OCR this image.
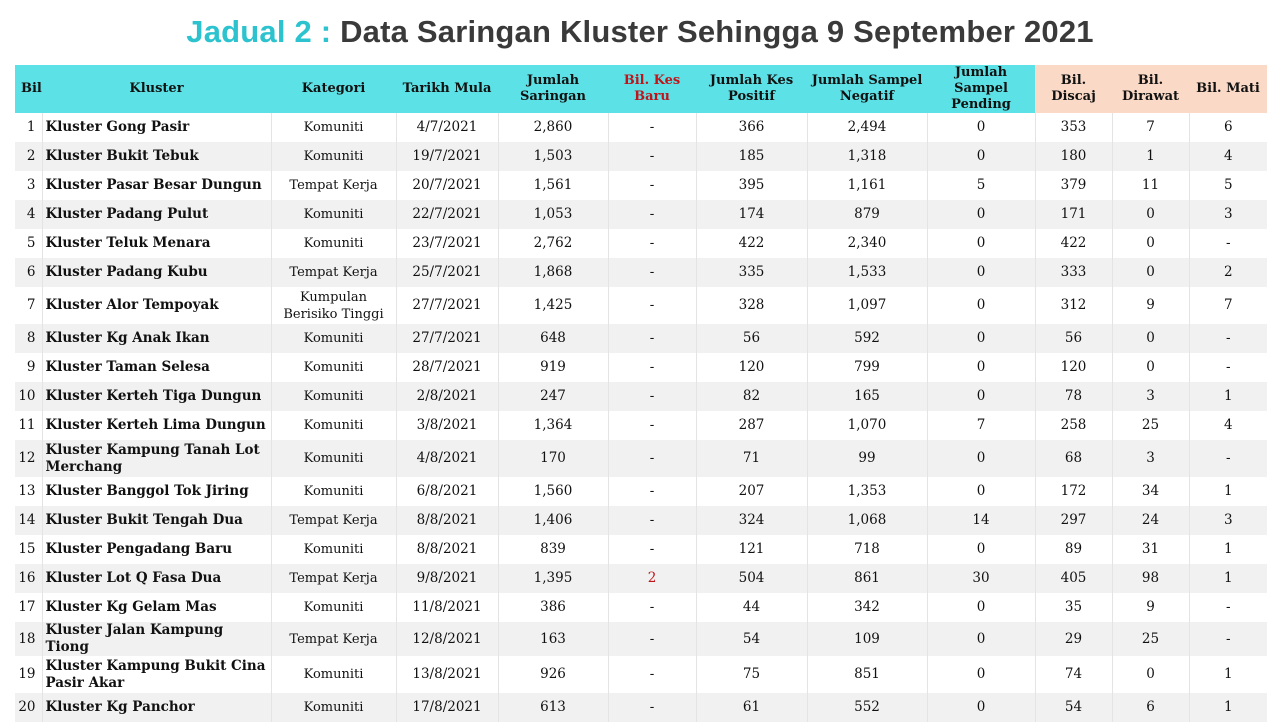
Jadual 2 : Data Saringan Kluster Sehingga 9 September 2021
Bil	Kluster	Kategori	Tarikh Mula	Jumlah Saringan	Bil. Kes Baru	Jumlah Kes Positif	Jumlah Sampel Negatif	Jumlah Sampel Pending	Bil. Discaj	Bil. Dirawat	Bil. Mati
1	Kluster Gong Pasir	Komuniti	4/7/2021	2,860	-	366	2,494	0	353	7	6
2	Kluster Bukit Tebuk	Komuniti	19/7/2021	1,503	-	185	1,318	0	180	1	4
3	Kluster Pasar Besar Dungun	Tempat Kerja	20/7/2021	1,561	-	395	1,161	5	379	11	5
4	Kluster Padang Pulut	Komuniti	22/7/2021	1,053	-	174	879	0	171	0	3
5	Kluster Teluk Menara	Komuniti	23/7/2021	2,762	-	422	2,340	0	422	0	-
6	Kluster Padang Kubu	Tempat Kerja	25/7/2021	1,868	-	335	1,533	0	333	0	2
7	Kluster Alor Tempoyak	Kumpulan Berisiko Tinggi	27/7/2021	1,425	-	328	1,097	0	312	9	7
8	Kluster Kg Anak Ikan	Komuniti	27/7/2021	648	-	56	592	0	56	0	-
9	Kluster Taman Selesa	Komuniti	28/7/2021	919	-	120	799	0	120	0	-
10	Kluster Kerteh Tiga Dungun	Komuniti	2/8/2021	247	-	82	165	0	78	3	1
11	Kluster Kerteh Lima Dungun	Komuniti	3/8/2021	1,364	-	287	1,070	7	258	25	4
12	Kluster Kampung Tanah Lot Merchang	Komuniti	4/8/2021	170	-	71	99	0	68	3	-
13	Kluster Banggol Tok Jiring	Komuniti	6/8/2021	1,560	-	207	1,353	0	172	34	1
14	Kluster Bukit Tengah Dua	Tempat Kerja	8/8/2021	1,406	-	324	1,068	14	297	24	3
15	Kluster Pengadang Baru	Komuniti	8/8/2021	839	-	121	718	0	89	31	1
16	Kluster Lot Q Fasa Dua	Tempat Kerja	9/8/2021	1,395	2	504	861	30	405	98	1
17	Kluster Kg Gelam Mas	Komuniti	11/8/2021	386	-	44	342	0	35	9	-
18	Kluster Jalan Kampung Tiong	Tempat Kerja	12/8/2021	163	-	54	109	0	29	25	-
19	Kluster Kampung Bukit Cina Pasir Akar	Komuniti	13/8/2021	926	-	75	851	0	74	0	1
20	Kluster Kg Panchor	Komuniti	17/8/2021	613	-	61	552	0	54	6	1
